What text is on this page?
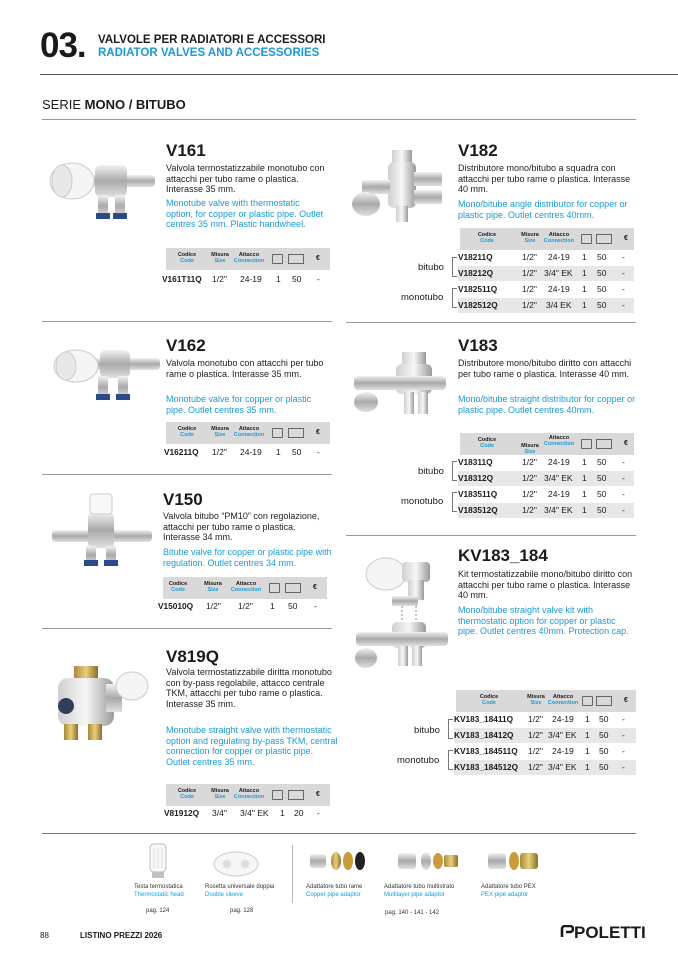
03. VALVOLE PER RADIATORI E ACCESSORI
RADIATOR VALVES AND ACCESSORIES
SERIE MONO / BITUBO
V161
Valvola termostatizzabile monotubo con attacchi per tubo rame o plastica. Interasse 35 mm.
Monotube valve with thermostatic option, for copper or plastic pipe. Outlet centres 35 mm. Plastic handwheel.
Codice
Code
Misura
Size
Attacco
Connection	€
V161T11Q 1/2" 24-19 1 50 -
V162
Valvola monotubo con attacchi per tubo rame o plastica. Interasse 35 mm.
Monotube valve for copper or plastic pipe. Outlet centres 35 mm.
Codice
Code
Misura
Size
Attacco
Connection	€
V16211Q 1/2" 24-19 1 50 -
V150
Valvola bitubo “PM10” con regolazione, attacchi per tubo rame o plastica. Interasse 34 mm.
Bitube valve for copper or plastic pipe with regulation. Outlet centres 34 mm.
Codice
Code
Misura
Size
Attacco
Connection	€
V15010Q 1/2" 1/2" 1 50 -
V819Q
Valvola termostatizzabile diritta monotubo con by-pass regolabile, attacco centrale TKM, attacchi per tubo rame o plastica. Interasse 35 mm.
Monotube straight valve with thermostatic option and regulating by-pass TKM, central connection for copper or plastic pipe. Outlet centres 35 mm.
Codice
Code
Misura
Size
Attacco
Connection	€
V81912Q 3/4" 3/4" EK 1 20 -
V182
Distributore mono/bitubo a squadra con attacchi per tubo rame o plastica. Interasse 40 mm.
Mono/bitube angle distributor for copper or plastic pipe. Outlet centres 40mm.
Codice
Code
Misura
Size
Attacco
Connection	€
bitubo
monotubo
V18211Q	1/2" 24-19 1 50 -
V18212Q	1/2" 3/4" EK 1 50 -
V182511Q	1/2" 24-19 1 50 -
V182512Q	1/2" 3/4 EK 1 50 -
V183
Distributore mono/bitubo diritto con attacchi per tubo rame o plastica. Interasse 40 mm.
Mono/bitube straight distributor for copper or plastic pipe. Outlet centres 40mm.
Codice
Code
Attacco
Connection
Misura
Size
€
bitubo
monotubo
V18311Q	1/2" 24-19 1 50 -
V18312Q	1/2" 3/4" EK 1 50 -
V183511Q	1/2" 24-19 1 50 -
V183512Q	1/2" 3/4" EK 1 50 -
KV183_184
Kit termostatizzabile mono/bitubo diritto con attacchi per tubo rame o plastica. Interasse 40 mm.
Mono/bitube straight valve kit with thermostatic option for copper or plastic pipe. Outlet centres 40mm. Protection cap.
Codice
Code
Misura
Size
Attacco
Connection	€
bitubo
monotubo
KV183_18411Q 1/2" 24-19 1 50 -
KV183_18412Q 1/2" 3/4" EK 1 50 -
KV183_184511Q 1/2" 24-19 1 50 -
KV183_184512Q 1/2" 3/4" EK 1 50 -
Testa termostatica
Thermostatic head
pag. 124
Rosetta universale doppia
Double sleeve
pag. 128
Adattatore tubo rame
Copper pipe adaptor
pag. 140 - 141 - 142
Adattatore tubo multistrato
Multilayer pipe adaptor
Adattatore tubo PEX
PEX pipe adaptor
88	LISTINO PREZZI 2026	POLETTI
